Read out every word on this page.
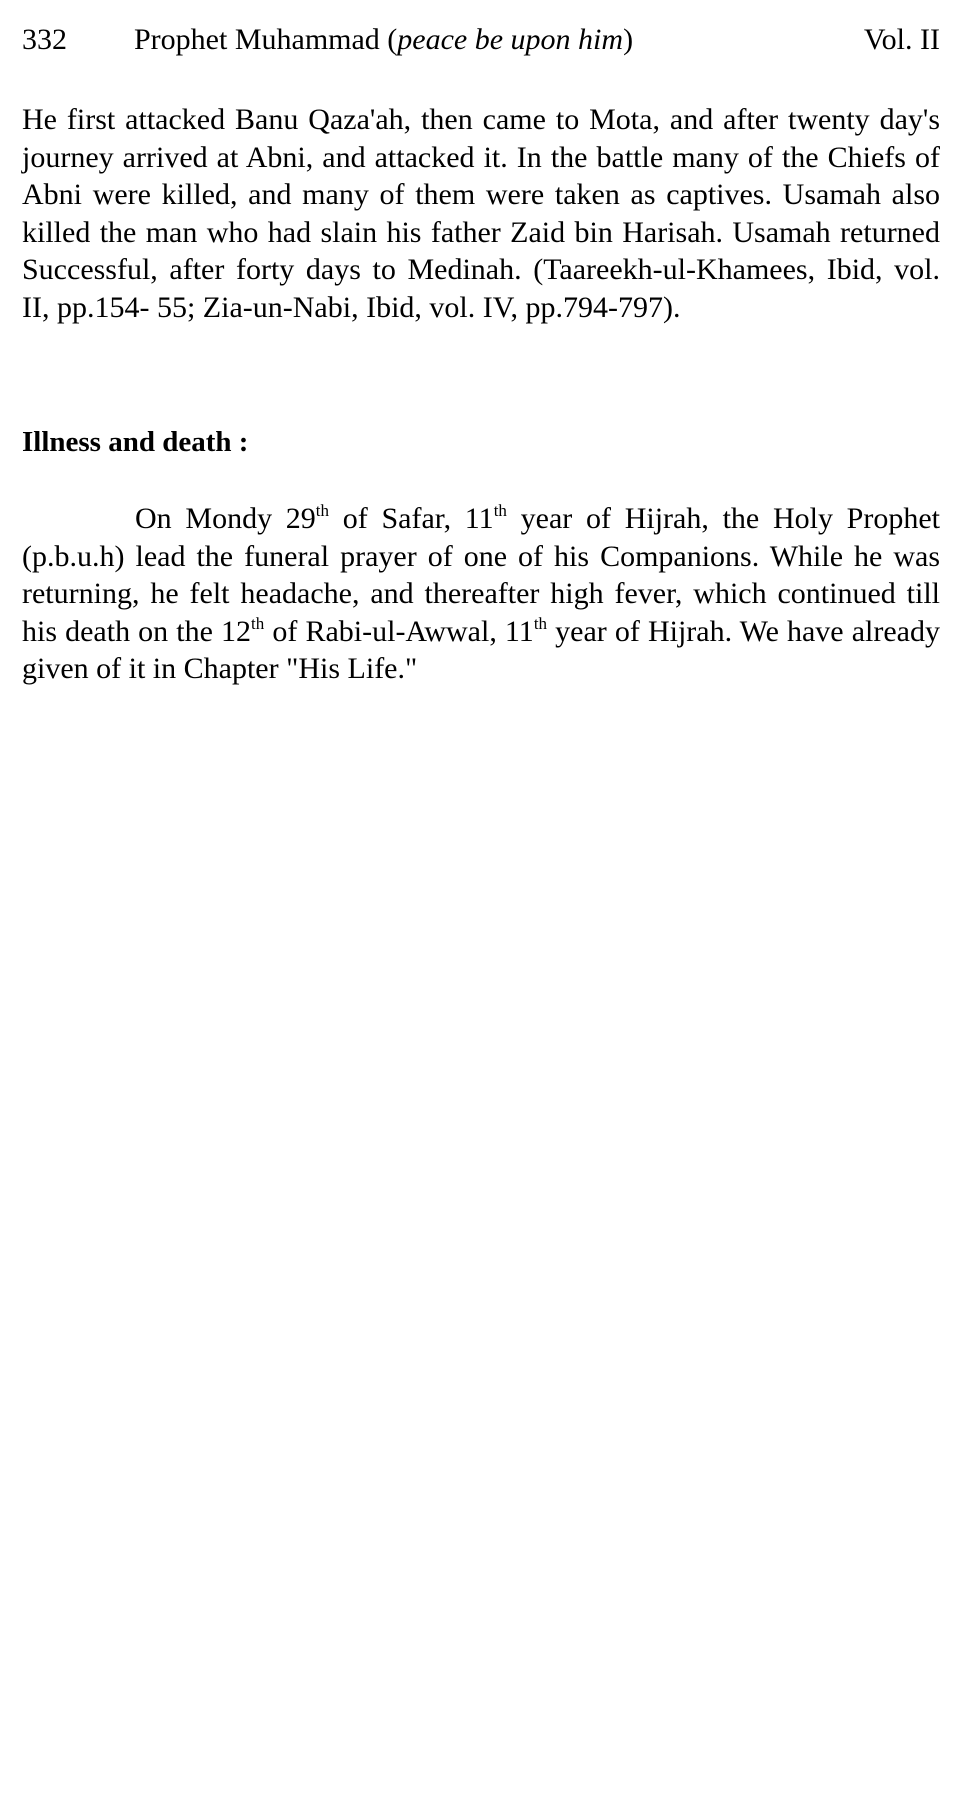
332 Prophet Muhammad (peace be upon him)	Vol. II

He first attacked Banu Qaza'ah, then came to Mota, and after twenty day's journey arrived at Abni, and attacked it. In the battle many of the Chiefs of Abni were killed, and many of them were taken as captives. Usamah also killed the man who had slain his father Zaid bin Harisah. Usamah returned Successful, after forty days to Medinah. (Taareekh-ul-Khamees, Ibid, vol. II, pp.154- 55; Zia-un-Nabi, Ibid, vol. IV, pp.794-797).

Illness and death :

On Mondy 29th of Safar, 11th year of Hijrah, the Holy Prophet (p.b.u.h) lead the funeral prayer of one of his Companions. While he was returning, he felt headache, and thereafter high fever, which continued till his death on the 12th of Rabi-ul-Awwal, 11th year of Hijrah. We have already given of it in Chapter "His Life."
